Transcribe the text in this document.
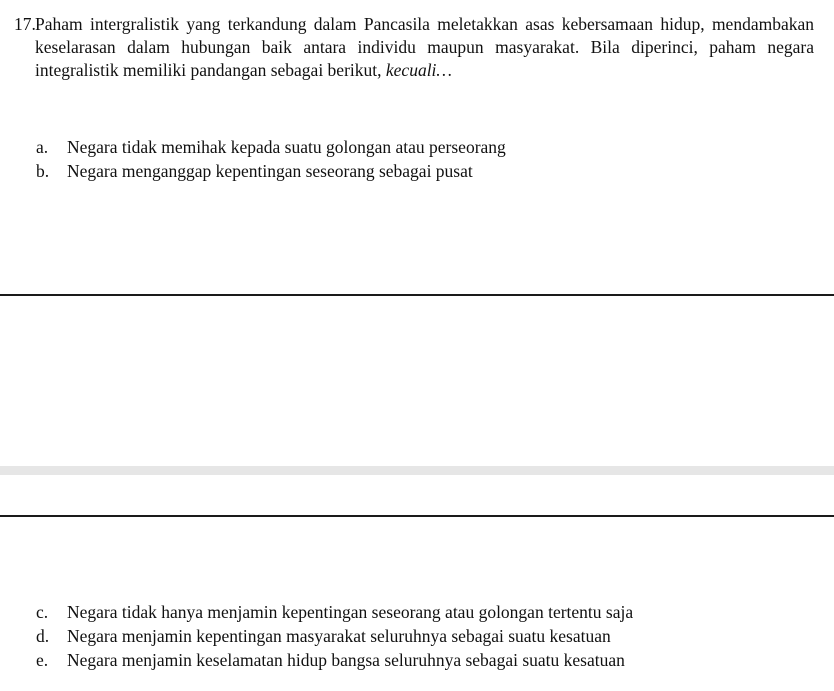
17. Paham intergralistik yang terkandung dalam Pancasila meletakkan asas kebersamaan hidup, mendambakan keselarasan dalam hubungan baik antara individu maupun masyarakat. Bila diperinci, paham negara integralistik memiliki pandangan sebagai berikut, kecuali…
a.	Negara tidak memihak kepada suatu golongan atau perseorang
b.	Negara menganggap kepentingan seseorang sebagai pusat
c.	Negara tidak hanya menjamin kepentingan seseorang atau golongan tertentu saja
d.	Negara menjamin kepentingan masyarakat seluruhnya sebagai suatu kesatuan
e.	Negara menjamin keselamatan hidup bangsa seluruhnya sebagai suatu kesatuan
